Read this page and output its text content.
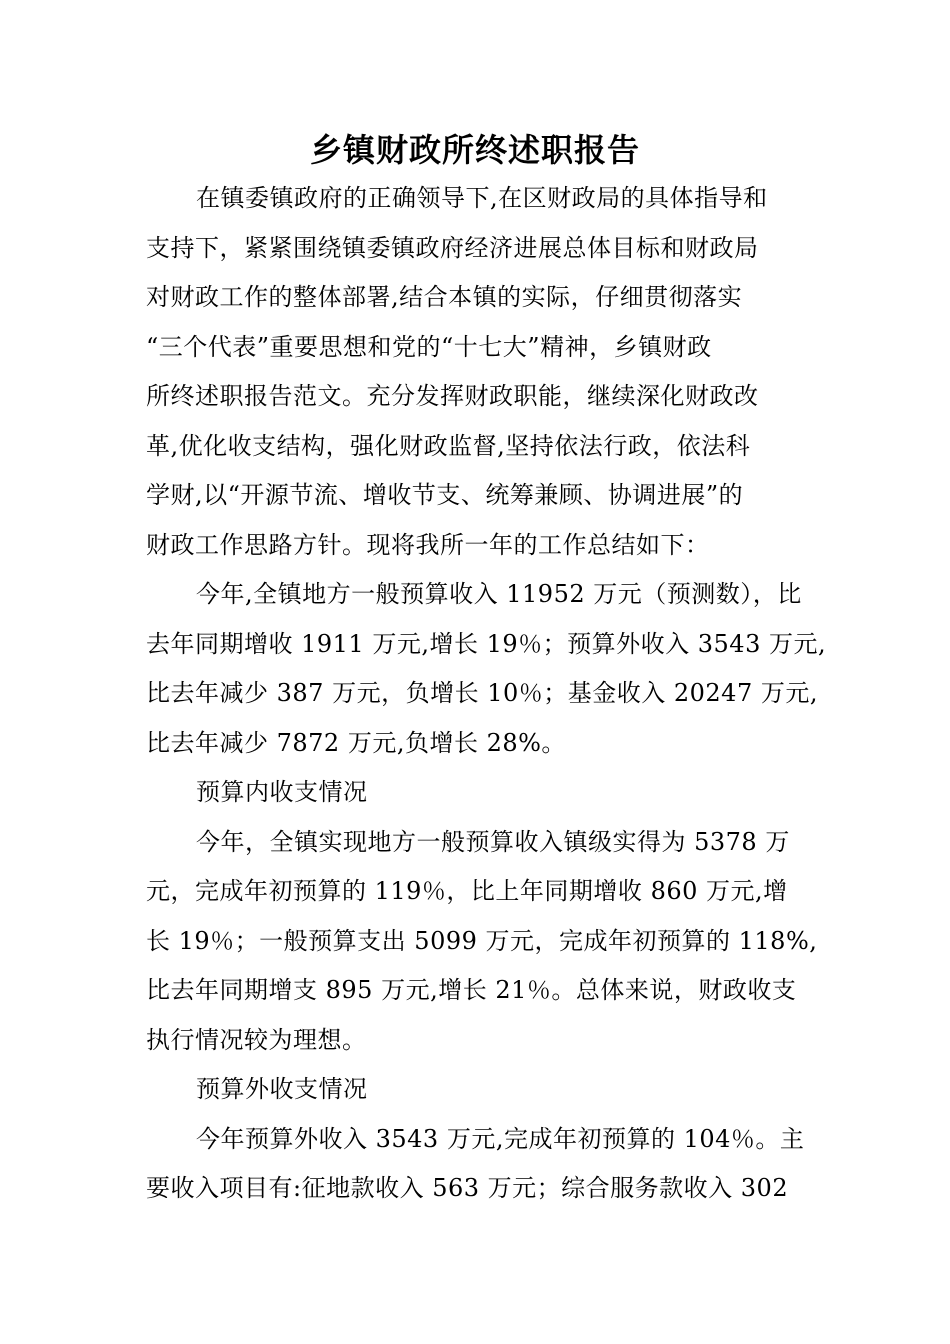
乡镇财政所终述职报告

在镇委镇政府的正确领导下,在区财政局的具体指导和

支持下，紧紧围绕镇委镇政府经济进展总体目标和财政局

对财政工作的整体部署,结合本镇的实际，仔细贯彻落实

“三个代表”重要思想和党的“十七大”精神，乡镇财政

所终述职报告范文。充分发挥财政职能，继续深化财政改

革,优化收支结构，强化财政监督,坚持依法行政，依法科

学财,以“开源节流、增收节支、统筹兼顾、协调进展”的

财政工作思路方针。现将我所一年的工作总结如下：

今年,全镇地方一般预算收入 11952 万元（预测数），比

去年同期增收 1911 万元,增长 19％；预算外收入 3543 万元,

比去年减少 387 万元，负增长 10％；基金收入 20247 万元,

比去年减少 7872 万元,负增长 28%。

预算内收支情况

今年，全镇实现地方一般预算收入镇级实得为 5378 万

元，完成年初预算的 119％，比上年同期增收 860 万元,增

长 19％；一般预算支出 5099 万元，完成年初预算的 118%,

比去年同期增支 895 万元,增长 21％。总体来说，财政收支

执行情况较为理想。

预算外收支情况

今年预算外收入 3543 万元,完成年初预算的 104％。主

要收入项目有:征地款收入 563 万元；综合服务款收入 302
